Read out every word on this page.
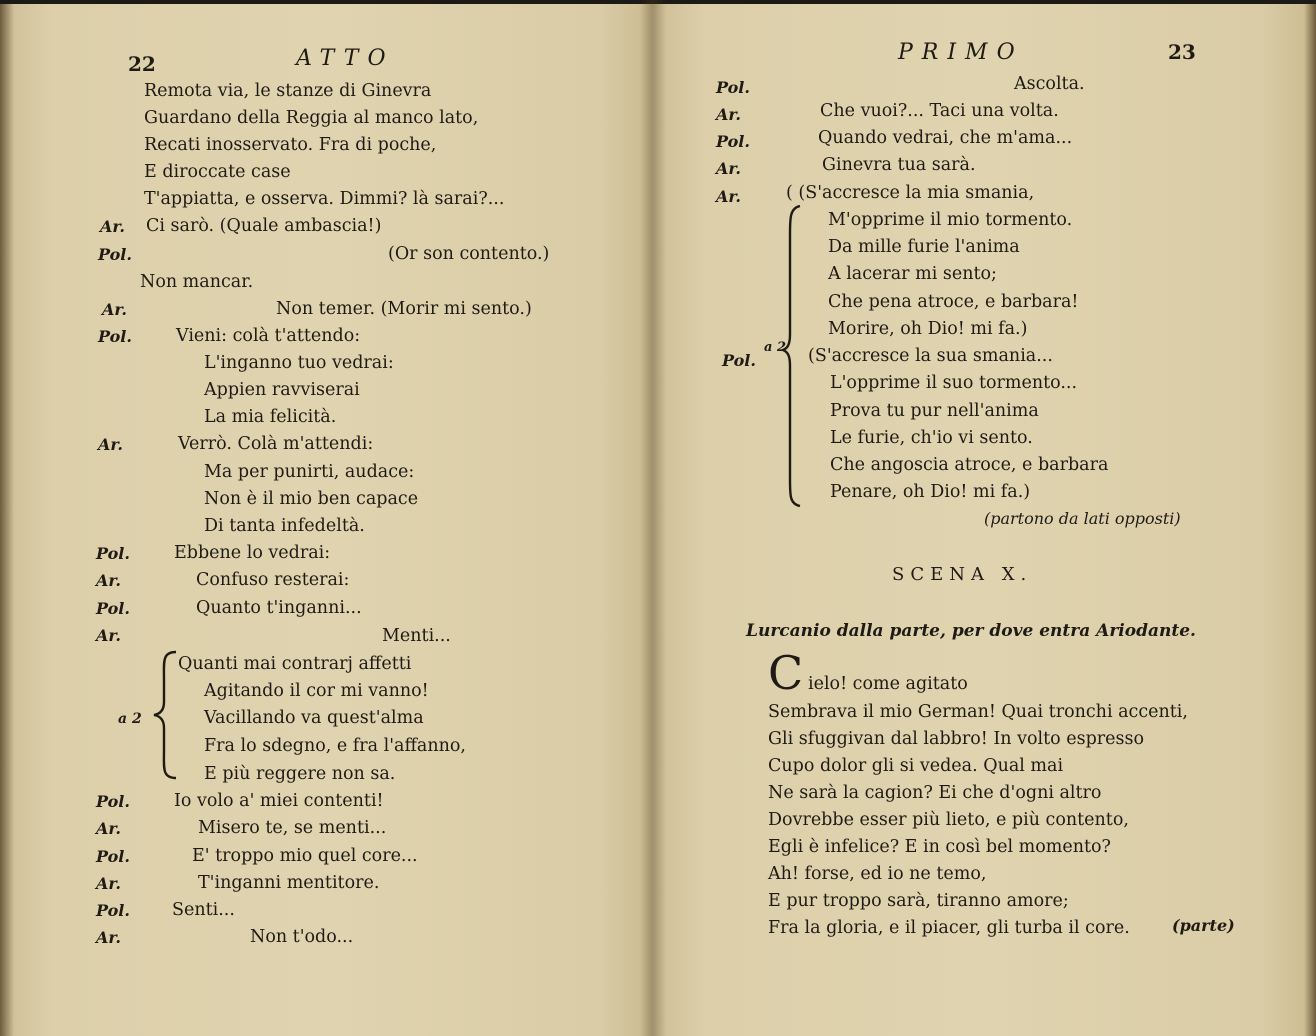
22	ATTO
Remota via, le stanze di Ginevra
Guardano della Reggia al manco lato,
Recati inosservato. Fra di poche,
E diroccate case
T'appiatta, e osserva. Dimmi? là sarai?...
Ar. Ci sarò. (Quale ambascia!)
Pol.	(Or son contento.)
Non mancar.
Ar.	Non temer. (Morir mi sento.)
Pol.	Vieni: colà t'attendo:
L'inganno tuo vedrai:
Appien ravviserai
La mia felicità.
Ar.	Verrò. Colà m'attendi:
Ma per punirti, audace:
Non è il mio ben capace
Di tanta infedeltà.
Pol.	Ebbene lo vedrai:
Ar.	Confuso resterai:
Pol.	Quanto t'inganni...
Ar.	Menti...
a 2
Quanti mai contrarj affetti
Agitando il cor mi vanno!
Vacillando va quest'alma
Fra lo sdegno, e fra l'affanno,
E più reggere non sa.
Pol.	Io volo a' miei contenti!
Ar.	Misero te, se menti...
Pol.	E' troppo mio quel core...
Ar.	T'inganni mentitore.
Pol. Senti...
Ar.	Non t'odo...
PRIMO	23
Pol.	Ascolta.
Ar.	Che vuoi?... Taci una volta.
Pol.	Quando vedrai, che m'ama...
Ar.	Ginevra tua sarà.
Ar.	( (S'accresce la mia smania,
M'opprime il mio tormento.
Da mille furie l'anima
A lacerar mi sento;
Che pena atroce, e barbara!
Morire, oh Dio! mi fa.)
Pol.
a 2 (S'accresce la sua smania...
L'opprime il suo tormento...
Prova tu pur nell'anima
Le furie, ch'io vi sento.
Che angoscia atroce, e barbara
Penare, oh Dio! mi fa.)
(partono da lati opposti)
SCENA X.
Lurcanio dalla parte, per dove entra Ariodante.
C ielo! come agitato
Sembrava il mio German! Quai tronchi accenti,
Gli sfuggivan dal labbro! In volto espresso
Cupo dolor gli si vedea. Qual mai
Ne sarà la cagion? Ei che d'ogni altro
Dovrebbe esser più lieto, e più contento,
Egli è infelice? E in così bel momento?
Ah! forse, ed io ne temo,
E pur troppo sarà, tiranno amore;
Fra la gloria, e il piacer, gli turba il core.	(parte)
